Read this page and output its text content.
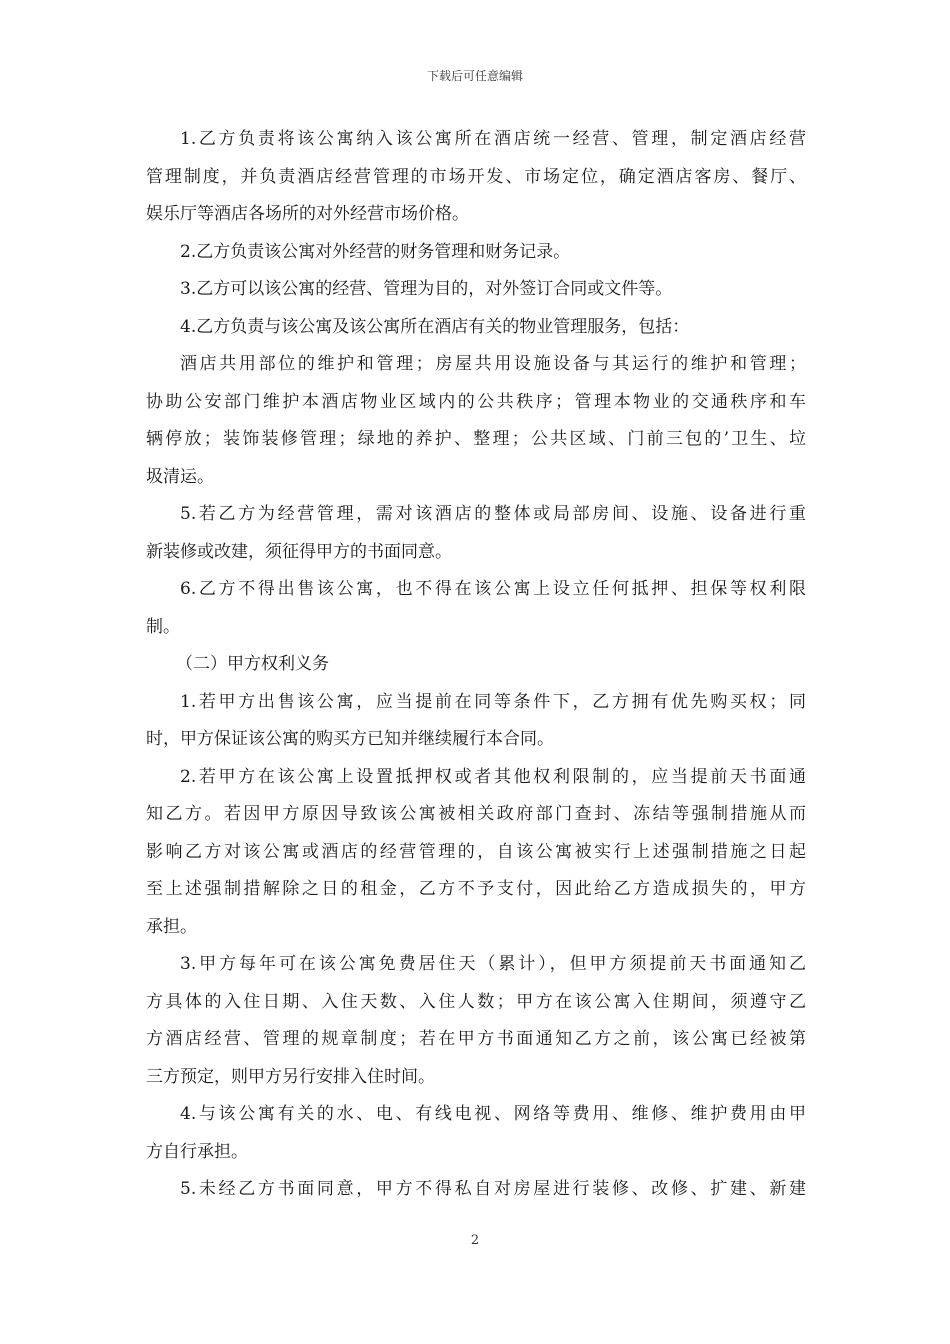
下载后可任意编辑
1.乙方负责将该公寓纳入该公寓所在酒店统一经营、管理，制定酒店经营
管理制度，并负责酒店经营管理的市场开发、市场定位，确定酒店客房、餐厅、
娱乐厅等酒店各场所的对外经营市场价格。
2.乙方负责该公寓对外经营的财务管理和财务记录。
3.乙方可以该公寓的经营、管理为目的，对外签订合同或文件等。
4.乙方负责与该公寓及该公寓所在酒店有关的物业管理服务，包括：
酒店共用部位的维护和管理；房屋共用设施设备与其运行的维护和管理；
协助公安部门维护本酒店物业区域内的公共秩序；管理本物业的交通秩序和车
辆停放；装饰装修管理；绿地的养护、整理；公共区域、门前三包的’卫生、垃
圾清运。
5.若乙方为经营管理，需对该酒店的整体或局部房间、设施、设备进行重
新装修或改建，须征得甲方的书面同意。
6.乙方不得出售该公寓，也不得在该公寓上设立任何抵押、担保等权利限
制。
（二）甲方权利义务
1.若甲方出售该公寓，应当提前在同等条件下，乙方拥有优先购买权；同
时，甲方保证该公寓的购买方已知并继续履行本合同。
2.若甲方在该公寓上设置抵押权或者其他权利限制的，应当提前天书面通
知乙方。若因甲方原因导致该公寓被相关政府部门查封、冻结等强制措施从而
影响乙方对该公寓或酒店的经营管理的，自该公寓被实行上述强制措施之日起
至上述强制措解除之日的租金，乙方不予支付，因此给乙方造成损失的，甲方
承担。
3.甲方每年可在该公寓免费居住天（累计），但甲方须提前天书面通知乙
方具体的入住日期、入住天数、入住人数；甲方在该公寓入住期间，须遵守乙
方酒店经营、管理的规章制度；若在甲方书面通知乙方之前，该公寓已经被第
三方预定，则甲方另行安排入住时间。
4.与该公寓有关的水、电、有线电视、网络等费用、维修、维护费用由甲
方自行承担。
5.未经乙方书面同意，甲方不得私自对房屋进行装修、改修、扩建、新建
2
